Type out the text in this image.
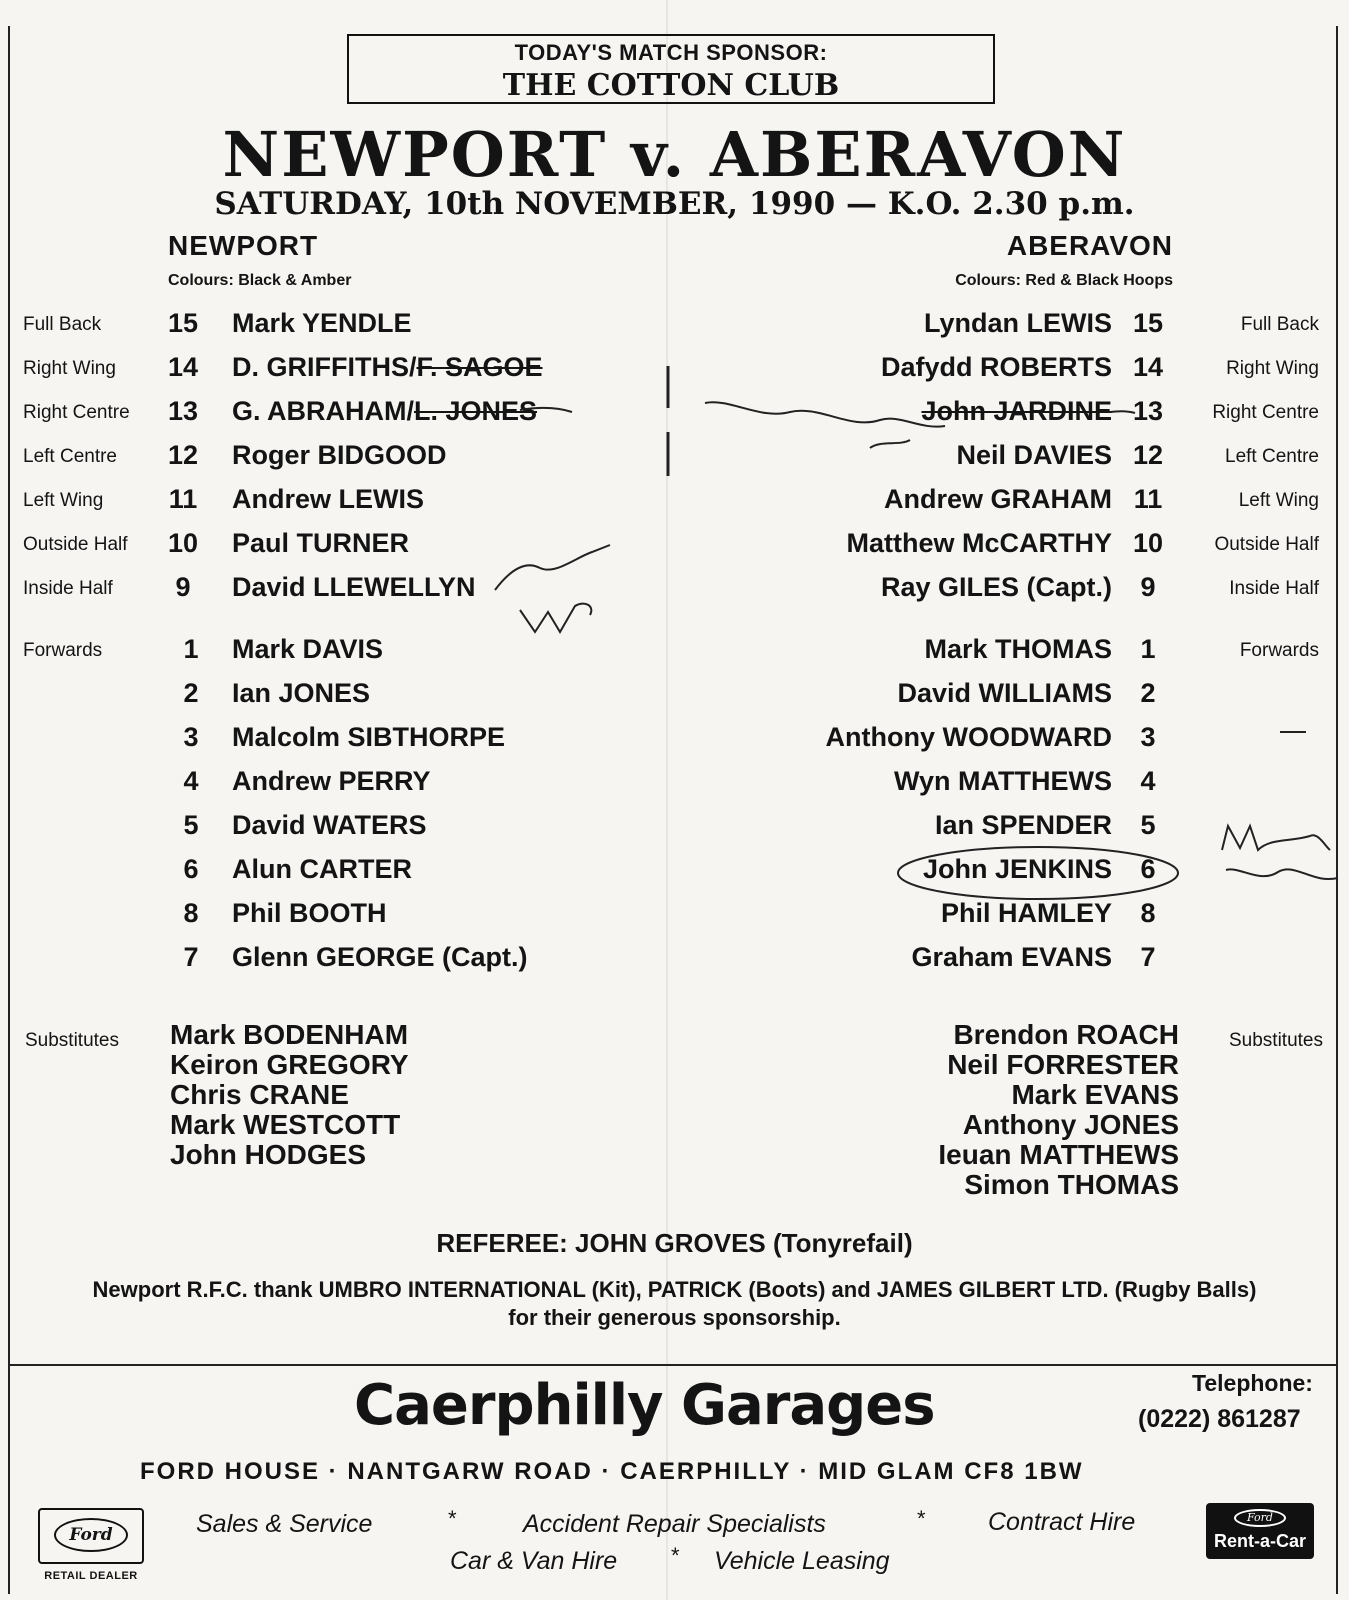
TODAY'S MATCH SPONSOR:
THE COTTON CLUB
NEWPORT v. ABERAVON
SATURDAY, 10th NOVEMBER, 1990 — K.O. 2.30 p.m.
NEWPORT
Colours: Black & Amber
ABERAVON
Colours: Red & Black Hoops
Full Back 15 Mark YENDLE
Right Wing 14 D. GRIFFITHS/F. SAGOE
Right Centre 13 G. ABRAHAM/L. JONES
Left Centre 12 Roger BIDGOOD
Left Wing 11 Andrew LEWIS
Outside Half 10 Paul TURNER
Inside Half	9	David LLEWELLYN
Forwards	1	Mark DAVIS
2	Ian JONES
3	Malcolm SIBTHORPE
4	Andrew PERRY
5	David WATERS
6	Alun CARTER
8	Phil BOOTH
7	Glenn GEORGE (Capt.)
Substitutes Mark BODENHAM
Keiron GREGORY
Chris CRANE
Mark WESTCOTT
John HODGES
Lyndan LEWIS 15	Full Back
Dafydd ROBERTS 14	Right Wing
John JARDINE 13	Right Centre
Neil DAVIES 12	Left Centre
Andrew GRAHAM 11	Left Wing
Matthew McCARTHY 10	Outside Half
Ray GILES (Capt.)	9	Inside Half
Mark THOMAS	1	Forwards
David WILLIAMS	2
Anthony WOODWARD	3
Wyn MATTHEWS	4
Ian SPENDER	5
John JENKINS	6
Phil HAMLEY	8
Graham EVANS	7
Brendon ROACH
Neil FORRESTER
Mark EVANS
Anthony JONES
Ieuan MATTHEWS
Simon THOMAS
Substitutes
REFEREE: JOHN GROVES (Tonyrefail)
Newport R.F.C. thank UMBRO INTERNATIONAL (Kit), PATRICK (Boots) and JAMES GILBERT LTD. (Rugby Balls)
for their generous sponsorship.
Caerphilly Garages	Telephone:
(0222) 861287
FORD HOUSE · NANTGARW ROAD · CAERPHILLY · MID GLAM CF8 1BW
Sales & Service	*	Accident Repair Specialists	* Contract Hire
Car & Van Hire * Vehicle Leasing
Ford
RETAIL DEALER
Ford
Rent-a-Car
